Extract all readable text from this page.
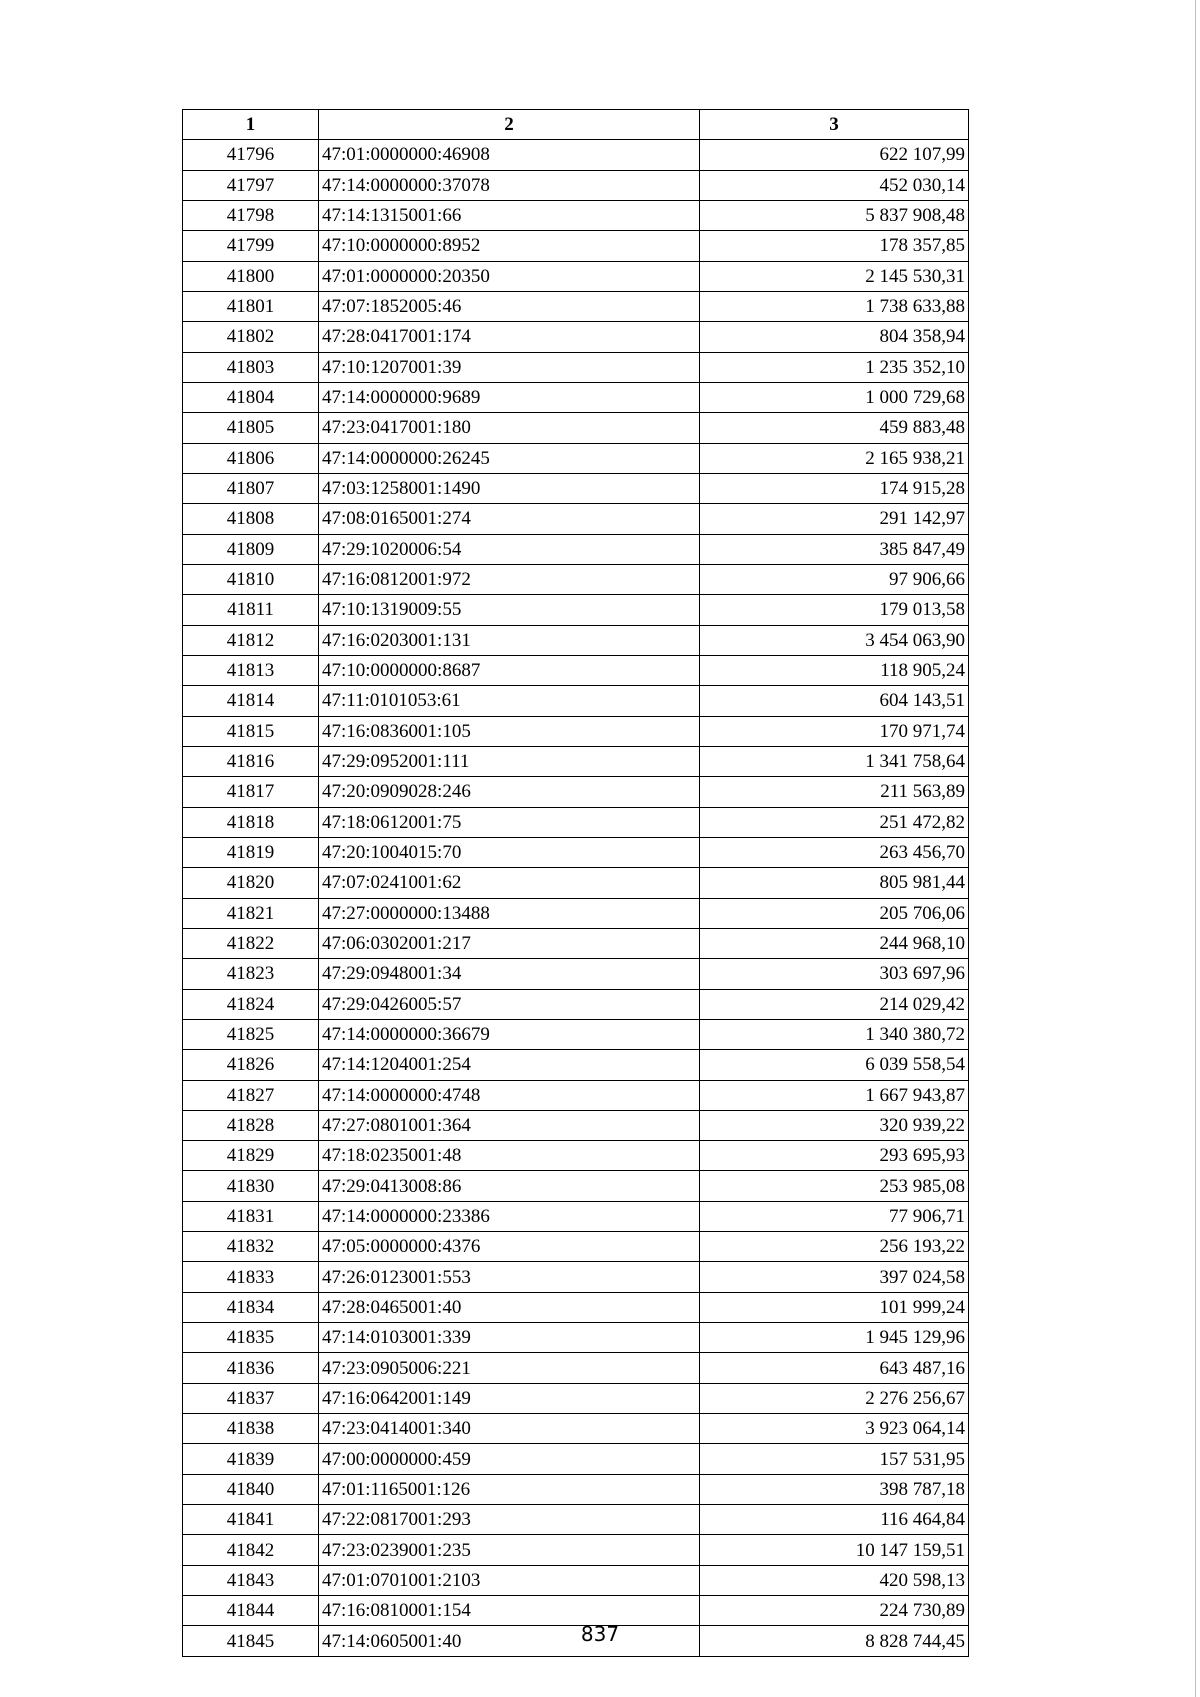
1	2	3
41796	47:01:0000000:46908	622 107,99
41797	47:14:0000000:37078	452 030,14
41798	47:14:1315001:66	5 837 908,48
41799	47:10:0000000:8952	178 357,85
41800	47:01:0000000:20350	2 145 530,31
41801	47:07:1852005:46	1 738 633,88
41802	47:28:0417001:174	804 358,94
41803	47:10:1207001:39	1 235 352,10
41804	47:14:0000000:9689	1 000 729,68
41805	47:23:0417001:180	459 883,48
41806	47:14:0000000:26245	2 165 938,21
41807	47:03:1258001:1490	174 915,28
41808	47:08:0165001:274	291 142,97
41809	47:29:1020006:54	385 847,49
41810	47:16:0812001:972	97 906,66
41811	47:10:1319009:55	179 013,58
41812	47:16:0203001:131	3 454 063,90
41813	47:10:0000000:8687	118 905,24
41814	47:11:0101053:61	604 143,51
41815	47:16:0836001:105	170 971,74
41816	47:29:0952001:111	1 341 758,64
41817	47:20:0909028:246	211 563,89
41818	47:18:0612001:75	251 472,82
41819	47:20:1004015:70	263 456,70
41820	47:07:0241001:62	805 981,44
41821	47:27:0000000:13488	205 706,06
41822	47:06:0302001:217	244 968,10
41823	47:29:0948001:34	303 697,96
41824	47:29:0426005:57	214 029,42
41825	47:14:0000000:36679	1 340 380,72
41826	47:14:1204001:254	6 039 558,54
41827	47:14:0000000:4748	1 667 943,87
41828	47:27:0801001:364	320 939,22
41829	47:18:0235001:48	293 695,93
41830	47:29:0413008:86	253 985,08
41831	47:14:0000000:23386	77 906,71
41832	47:05:0000000:4376	256 193,22
41833	47:26:0123001:553	397 024,58
41834	47:28:0465001:40	101 999,24
41835	47:14:0103001:339	1 945 129,96
41836	47:23:0905006:221	643 487,16
41837	47:16:0642001:149	2 276 256,67
41838	47:23:0414001:340	3 923 064,14
41839	47:00:0000000:459	157 531,95
41840	47:01:1165001:126	398 787,18
41841	47:22:0817001:293	116 464,84
41842	47:23:0239001:235	10 147 159,51
41843	47:01:0701001:2103	420 598,13
41844	47:16:0810001:154	224 730,89
41845	47:14:0605001:40	8 828 744,45
837
